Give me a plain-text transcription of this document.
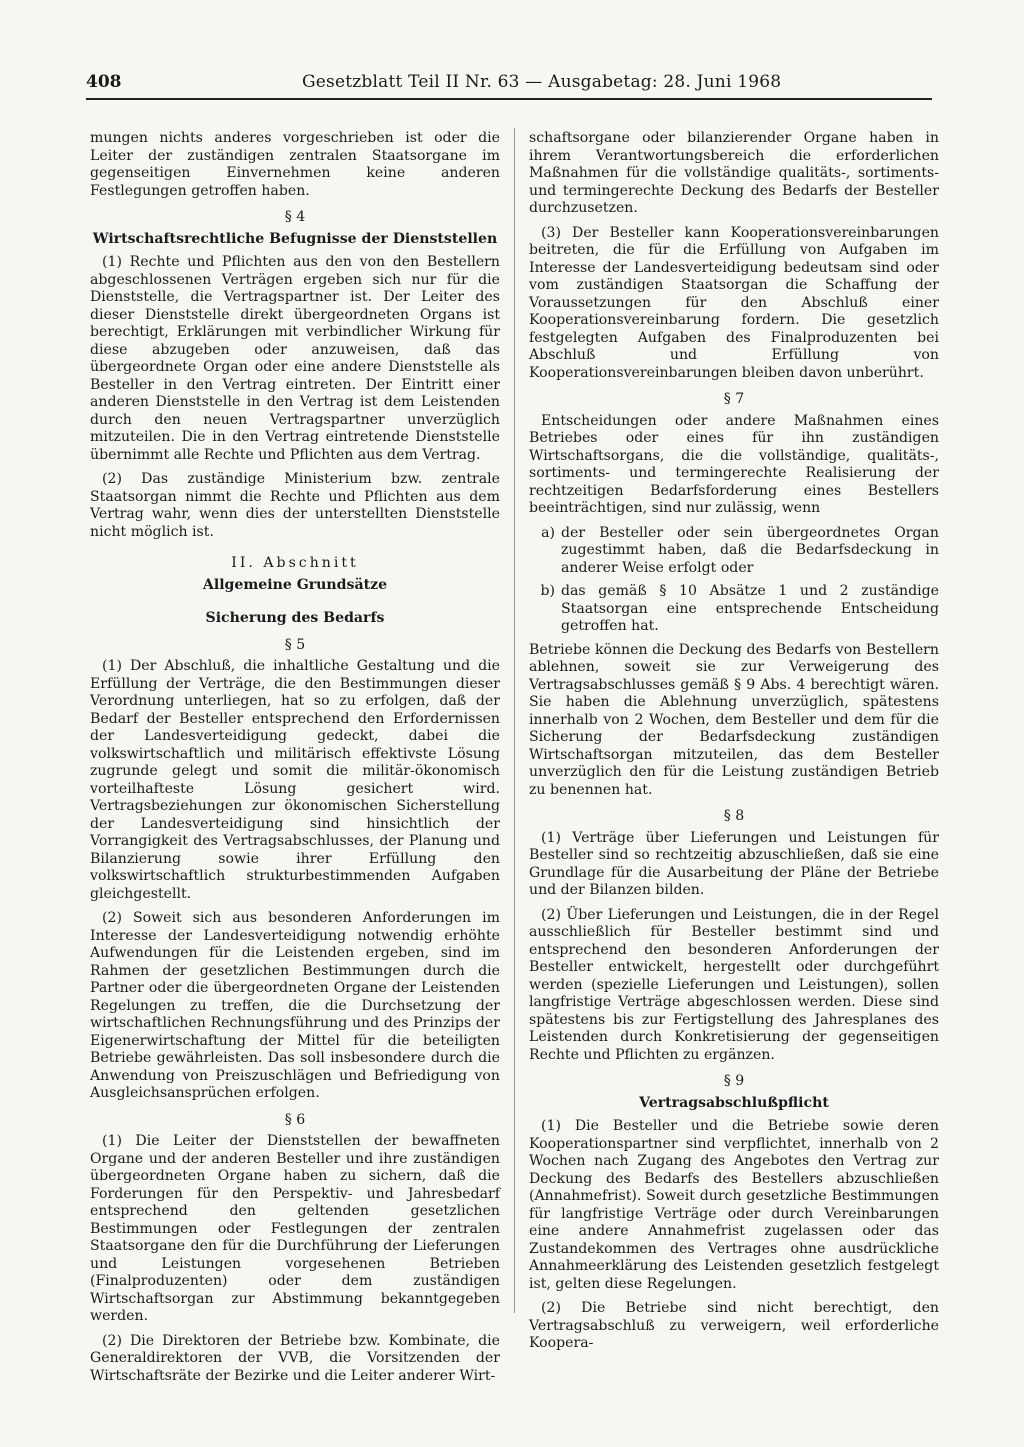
408	Gesetzblatt Teil II Nr. 63 — Ausgabetag: 28. Juni 1968

mungen nichts anderes vorgeschrieben ist oder die Leiter der zuständigen zentralen Staatsorgane im gegenseitigen Einvernehmen keine anderen Festlegungen getroffen haben.

§ 4
Wirtschaftsrechtliche Befugnisse der Dienststellen

(1) Rechte und Pflichten aus den von den Bestellern abgeschlossenen Verträgen ergeben sich nur für die Dienststelle, die Vertragspartner ist. Der Leiter des dieser Dienststelle direkt übergeordneten Organs ist berechtigt, Erklärungen mit verbindlicher Wirkung für diese abzugeben oder anzuweisen, daß das übergeordnete Organ oder eine andere Dienststelle als Besteller in den Vertrag eintreten. Der Eintritt einer anderen Dienststelle in den Vertrag ist dem Leistenden durch den neuen Vertragspartner unverzüglich mitzuteilen. Die in den Vertrag eintretende Dienststelle übernimmt alle Rechte und Pflichten aus dem Vertrag.

(2) Das zuständige Ministerium bzw. zentrale Staatsorgan nimmt die Rechte und Pflichten aus dem Vertrag wahr, wenn dies der unterstellten Dienststelle nicht möglich ist.

II. Abschnitt
Allgemeine Grundsätze
Sicherung des Bedarfs
§ 5

(1) Der Abschluß, die inhaltliche Gestaltung und die Erfüllung der Verträge, die den Bestimmungen dieser Verordnung unterliegen, hat so zu erfolgen, daß der Bedarf der Besteller entsprechend den Erfordernissen der Landesverteidigung gedeckt, dabei die volkswirtschaftlich und militärisch effektivste Lösung zugrunde gelegt und somit die militär-ökonomisch vorteilhafteste Lösung gesichert wird. Vertragsbeziehungen zur ökonomischen Sicherstellung der Landesverteidigung sind hinsichtlich der Vorrangigkeit des Vertragsabschlusses, der Planung und Bilanzierung sowie ihrer Erfüllung den volkswirtschaftlich strukturbestimmenden Aufgaben gleichgestellt.

(2) Soweit sich aus besonderen Anforderungen im Interesse der Landesverteidigung notwendig erhöhte Aufwendungen für die Leistenden ergeben, sind im Rahmen der gesetzlichen Bestimmungen durch die Partner oder die übergeordneten Organe der Leistenden Regelungen zu treffen, die die Durchsetzung der wirtschaftlichen Rechnungsführung und des Prinzips der Eigenerwirtschaftung der Mittel für die beteiligten Betriebe gewährleisten. Das soll insbesondere durch die Anwendung von Preiszuschlägen und Befriedigung von Ausgleichsansprüchen erfolgen.

§ 6

(1) Die Leiter der Dienststellen der bewaffneten Organe und der anderen Besteller und ihre zuständigen übergeordneten Organe haben zu sichern, daß die Forderungen für den Perspektiv- und Jahresbedarf entsprechend den geltenden gesetzlichen Bestimmungen oder Festlegungen der zentralen Staatsorgane den für die Durchführung der Lieferungen und Leistungen vorgesehenen Betrieben (Finalproduzenten) oder dem zuständigen Wirtschaftsorgan zur Abstimmung bekanntgegeben werden.

(2) Die Direktoren der Betriebe bzw. Kombinate, die Generaldirektoren der VVB, die Vorsitzenden der Wirtschaftsräte der Bezirke und die Leiter anderer Wirt-

schaftsorgane oder bilanzierender Organe haben in ihrem Verantwortungsbereich die erforderlichen Maßnahmen für die vollständige qualitäts-, sortiments- und termingerechte Deckung des Bedarfs der Besteller durchzusetzen.

(3) Der Besteller kann Kooperationsvereinbarungen beitreten, die für die Erfüllung von Aufgaben im Interesse der Landesverteidigung bedeutsam sind oder vom zuständigen Staatsorgan die Schaffung der Voraussetzungen für den Abschluß einer Kooperationsvereinbarung fordern. Die gesetzlich festgelegten Aufgaben des Finalproduzenten bei Abschluß und Erfüllung von Kooperationsvereinbarungen bleiben davon unberührt.

§ 7

Entscheidungen oder andere Maßnahmen eines Betriebes oder eines für ihn zuständigen Wirtschaftsorgans, die die vollständige, qualitäts-, sortiments- und termingerechte Realisierung der rechtzeitigen Bedarfsforderung eines Bestellers beeinträchtigen, sind nur zulässig, wenn

a) der Besteller oder sein übergeordnetes Organ zugestimmt haben, daß die Bedarfsdeckung in anderer Weise erfolgt oder
b) das gemäß § 10 Absätze 1 und 2 zuständige Staatsorgan eine entsprechende Entscheidung getroffen hat.

Betriebe können die Deckung des Bedarfs von Bestellern ablehnen, soweit sie zur Verweigerung des Vertragsabschlusses gemäß § 9 Abs. 4 berechtigt wären. Sie haben die Ablehnung unverzüglich, spätestens innerhalb von 2 Wochen, dem Besteller und dem für die Sicherung der Bedarfsdeckung zuständigen Wirtschaftsorgan mitzuteilen, das dem Besteller unverzüglich den für die Leistung zuständigen Betrieb zu benennen hat.

§ 8

(1) Verträge über Lieferungen und Leistungen für Besteller sind so rechtzeitig abzuschließen, daß sie eine Grundlage für die Ausarbeitung der Pläne der Betriebe und der Bilanzen bilden.

(2) Über Lieferungen und Leistungen, die in der Regel ausschließlich für Besteller bestimmt sind und entsprechend den besonderen Anforderungen der Besteller entwickelt, hergestellt oder durchgeführt werden (spezielle Lieferungen und Leistungen), sollen langfristige Verträge abgeschlossen werden. Diese sind spätestens bis zur Fertigstellung des Jahresplanes des Leistenden durch Konkretisierung der gegenseitigen Rechte und Pflichten zu ergänzen.

§ 9
Vertragsabschlußpflicht

(1) Die Besteller und die Betriebe sowie deren Kooperationspartner sind verpflichtet, innerhalb von 2 Wochen nach Zugang des Angebotes den Vertrag zur Deckung des Bedarfs des Bestellers abzuschließen (Annahmefrist). Soweit durch gesetzliche Bestimmungen für langfristige Verträge oder durch Vereinbarungen eine andere Annahmefrist zugelassen oder das Zustandekommen des Vertrages ohne ausdrückliche Annahmeerklärung des Leistenden gesetzlich festgelegt ist, gelten diese Regelungen.

(2) Die Betriebe sind nicht berechtigt, den Vertragsabschluß zu verweigern, weil erforderliche Koopera-
